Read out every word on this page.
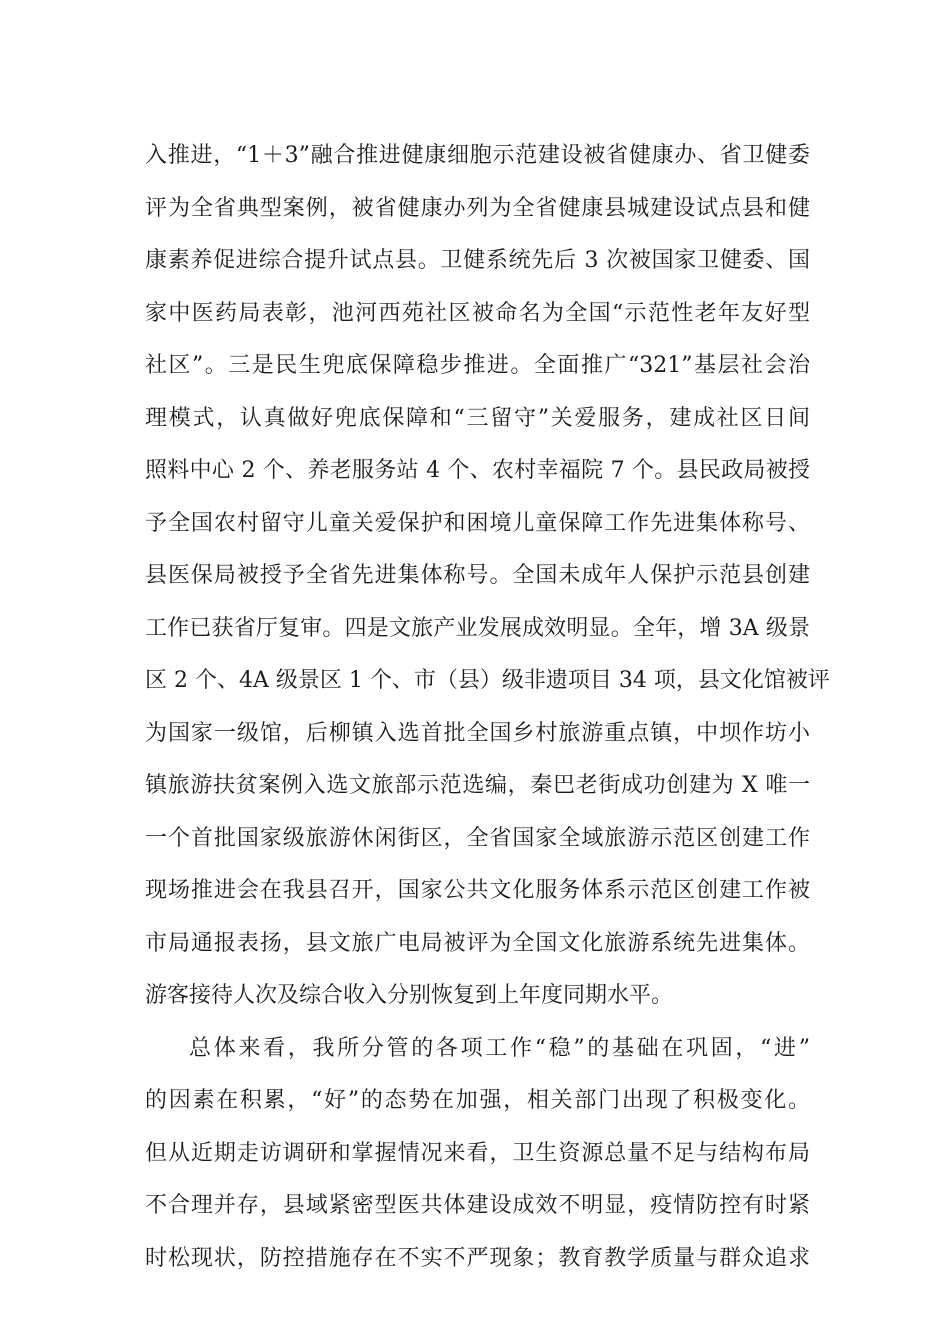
入推进，“1＋3”融合推进健康细胞示范建设被省健康办、省卫健委
评为全省典型案例，被省健康办列为全省健康县城建设试点县和健
康素养促进综合提升试点县。卫健系统先后 3 次被国家卫健委、国
家中医药局表彰，池河西苑社区被命名为全国“示范性老年友好型
社区”。三是民生兜底保障稳步推进。全面推广“321”基层社会治
理模式，认真做好兜底保障和“三留守”关爱服务，建成社区日间
照料中心 2 个、养老服务站 4 个、农村幸福院 7 个。县民政局被授
予全国农村留守儿童关爱保护和困境儿童保障工作先进集体称号、
县医保局被授予全省先进集体称号。全国未成年人保护示范县创建
工作已获省厅复审。四是文旅产业发展成效明显。全年，增 3A 级景
区 2 个、4A 级景区 1 个、市（县）级非遗项目 34 项，县文化馆被评
为国家一级馆，后柳镇入选首批全国乡村旅游重点镇，中坝作坊小
镇旅游扶贫案例入选文旅部示范选编，秦巴老街成功创建为 X 唯一
一个首批国家级旅游休闲街区，全省国家全域旅游示范区创建工作
现场推进会在我县召开，国家公共文化服务体系示范区创建工作被
市局通报表扬，县文旅广电局被评为全国文化旅游系统先进集体。
游客接待人次及综合收入分别恢复到上年度同期水平。
总体来看，我所分管的各项工作“稳”的基础在巩固，“进”
的因素在积累，“好”的态势在加强，相关部门出现了积极变化。
但从近期走访调研和掌握情况来看，卫生资源总量不足与结构布局
不合理并存，县域紧密型医共体建设成效不明显，疫情防控有时紧
时松现状，防控措施存在不实不严现象；教育教学质量与群众追求
